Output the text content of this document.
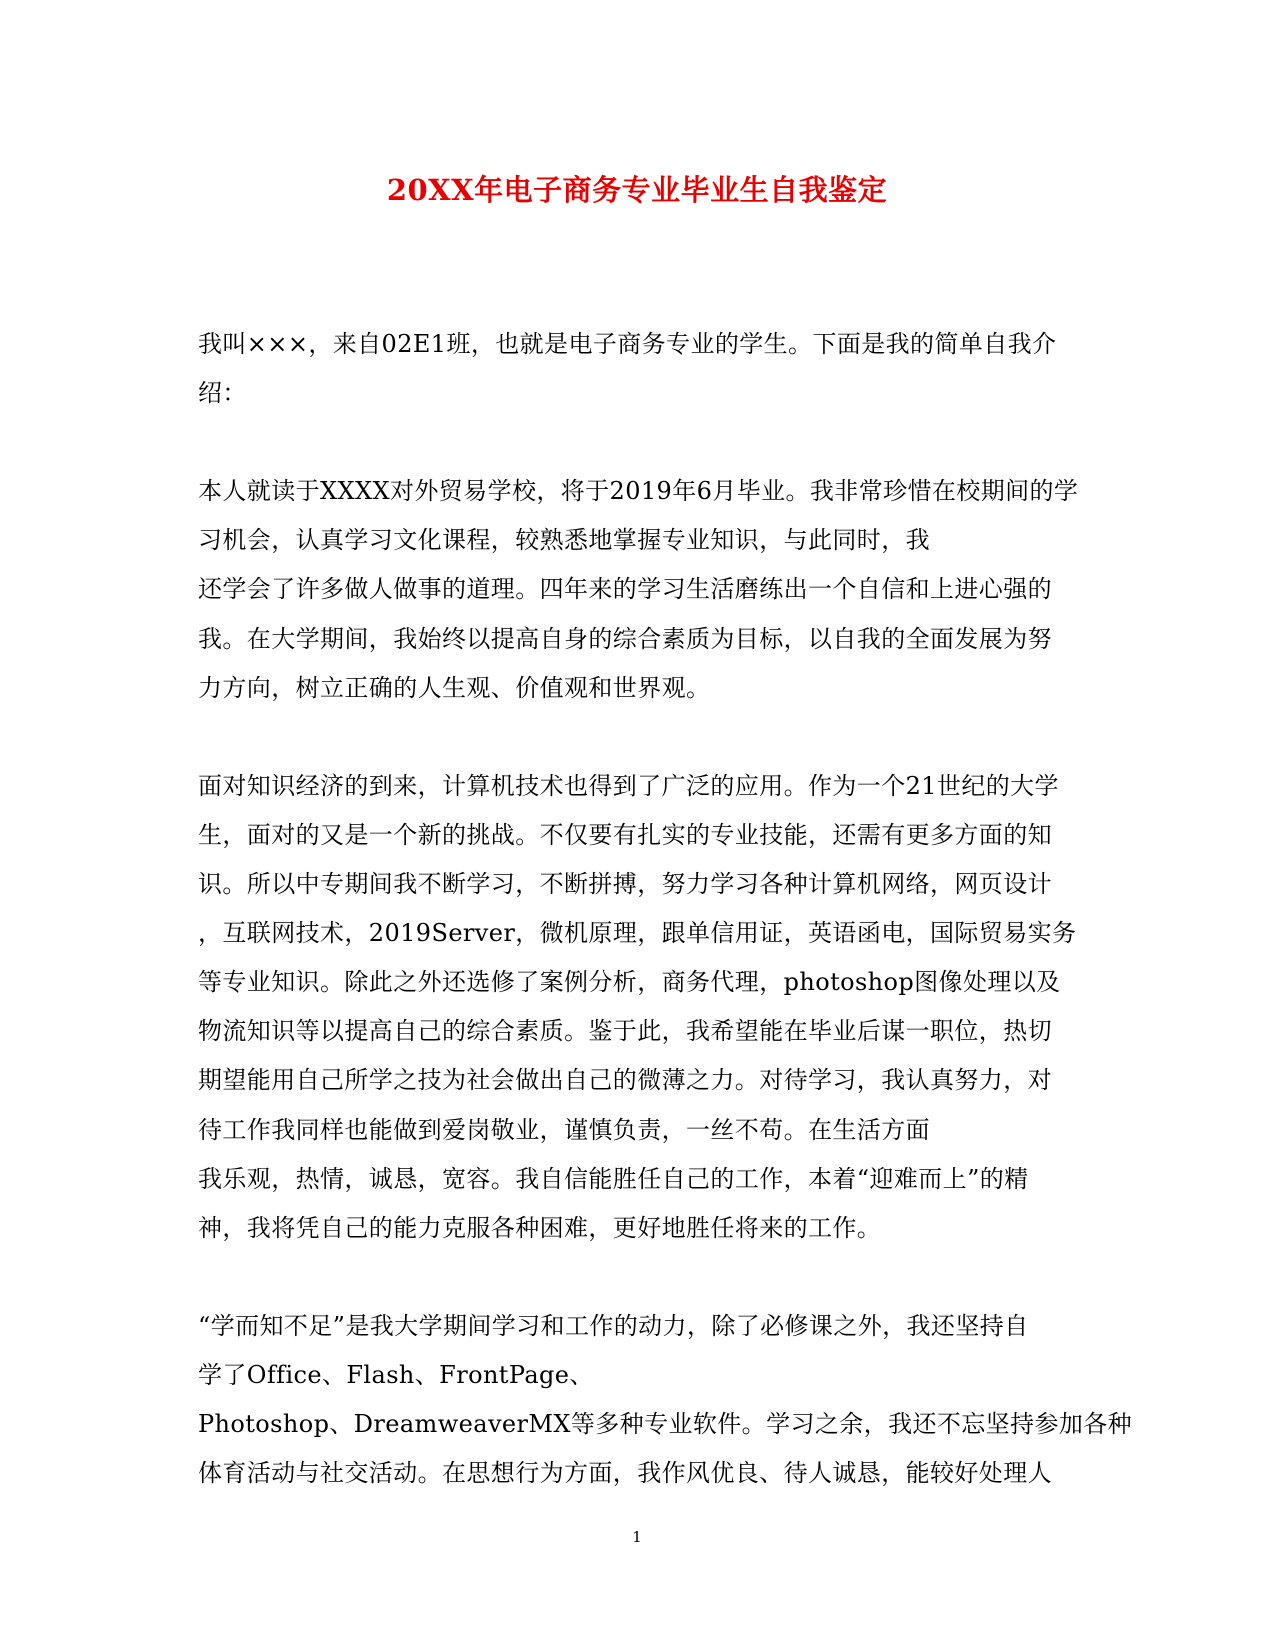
20XX年电子商务专业毕业生自我鉴定
我叫×××，来自02E1班，也就是电子商务专业的学生。下面是我的简单自我介
绍：
本人就读于XXXX对外贸易学校，将于2019年6月毕业。我非常珍惜在校期间的学
习机会，认真学习文化课程，较熟悉地掌握专业知识，与此同时，我
还学会了许多做人做事的道理。四年来的学习生活磨练出一个自信和上进心强的
我。在大学期间，我始终以提高自身的综合素质为目标，以自我的全面发展为努
力方向，树立正确的人生观、价值观和世界观。
面对知识经济的到来，计算机技术也得到了广泛的应用。作为一个21世纪的大学
生，面对的又是一个新的挑战。不仅要有扎实的专业技能，还需有更多方面的知
识。所以中专期间我不断学习，不断拼搏，努力学习各种计算机网络，网页设计
，互联网技术，2019Server，微机原理，跟单信用证，英语函电，国际贸易实务
等专业知识。除此之外还选修了案例分析，商务代理，photoshop图像处理以及
物流知识等以提高自己的综合素质。鉴于此，我希望能在毕业后谋一职位，热切
期望能用自己所学之技为社会做出自己的微薄之力。对待学习，我认真努力，对
待工作我同样也能做到爱岗敬业，谨慎负责，一丝不苟。在生活方面
我乐观，热情，诚恳，宽容。我自信能胜任自己的工作，本着“迎难而上”的精
神，我将凭自己的能力克服各种困难，更好地胜任将来的工作。
“学而知不足”是我大学期间学习和工作的动力，除了必修课之外，我还坚持自
学了Office、Flash、FrontPage、
Photoshop、DreamweaverMX等多种专业软件。学习之余，我还不忘坚持参加各种
体育活动与社交活动。在思想行为方面，我作风优良、待人诚恳，能较好处理人
1
